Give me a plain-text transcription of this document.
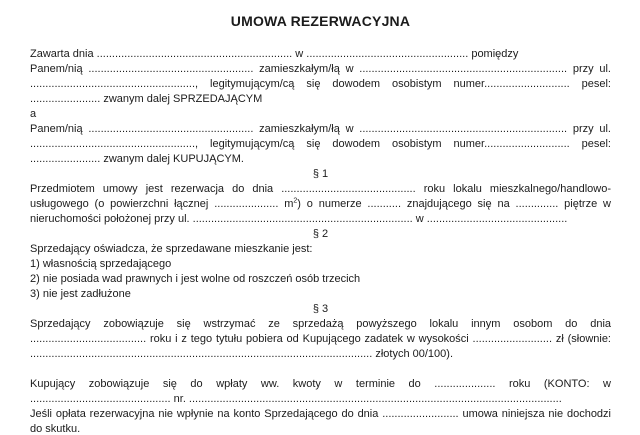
UMOWA REZERWACYJNA

Zawarta dnia ................................................................ w ..................................................... pomiędzy

Panem/nią ...................................................... zamieszkałym/łą w .................................................................... przy ul. ......................................................, legitymującym/cą się dowodem osobistym numer............................ pesel: ....................... zwanym dalej SPRZEDAJĄCYM

a

Panem/nią ...................................................... zamieszkałym/łą w .................................................................... przy ul. ......................................................, legitymującym/cą się dowodem osobistym numer............................ pesel: ....................... zwanym dalej KUPUJĄCYM.

§ 1

Przedmiotem umowy jest rezerwacja do dnia ............................................ roku lokalu mieszkalnego/handlowo-usługowego (o powierzchni łącznej ..................... $m^2$) o numerze ........... znajdującego się na .............. piętrze w nieruchomości położonej przy ul. ........................................................................ w ..............................................

§ 2

Sprzedający oświadcza, że sprzedawane mieszkanie jest:

1) własnością sprzedającego

2) nie posiada wad prawnych i jest wolne od roszczeń osób trzecich

3) nie jest zadłużone

§ 3

Sprzedający zobowiązuje się wstrzymać ze sprzedażą powyższego lokalu innym osobom do dnia ...................................... roku i z tego tytułu pobiera od Kupującego zadatek w wysokości .......................... zł (słownie: ................................................................................................................ złotych 00/100).

Kupujący zobowiązuje się do wpłaty ww. kwoty w terminie do .................... roku (KONTO: w .............................................. nr. ..........................................................................................................................

Jeśli opłata rezerwacyjna nie wpłynie na konto Sprzedającego do dnia ......................... umowa niniejsza nie dochodzi do skutku.
